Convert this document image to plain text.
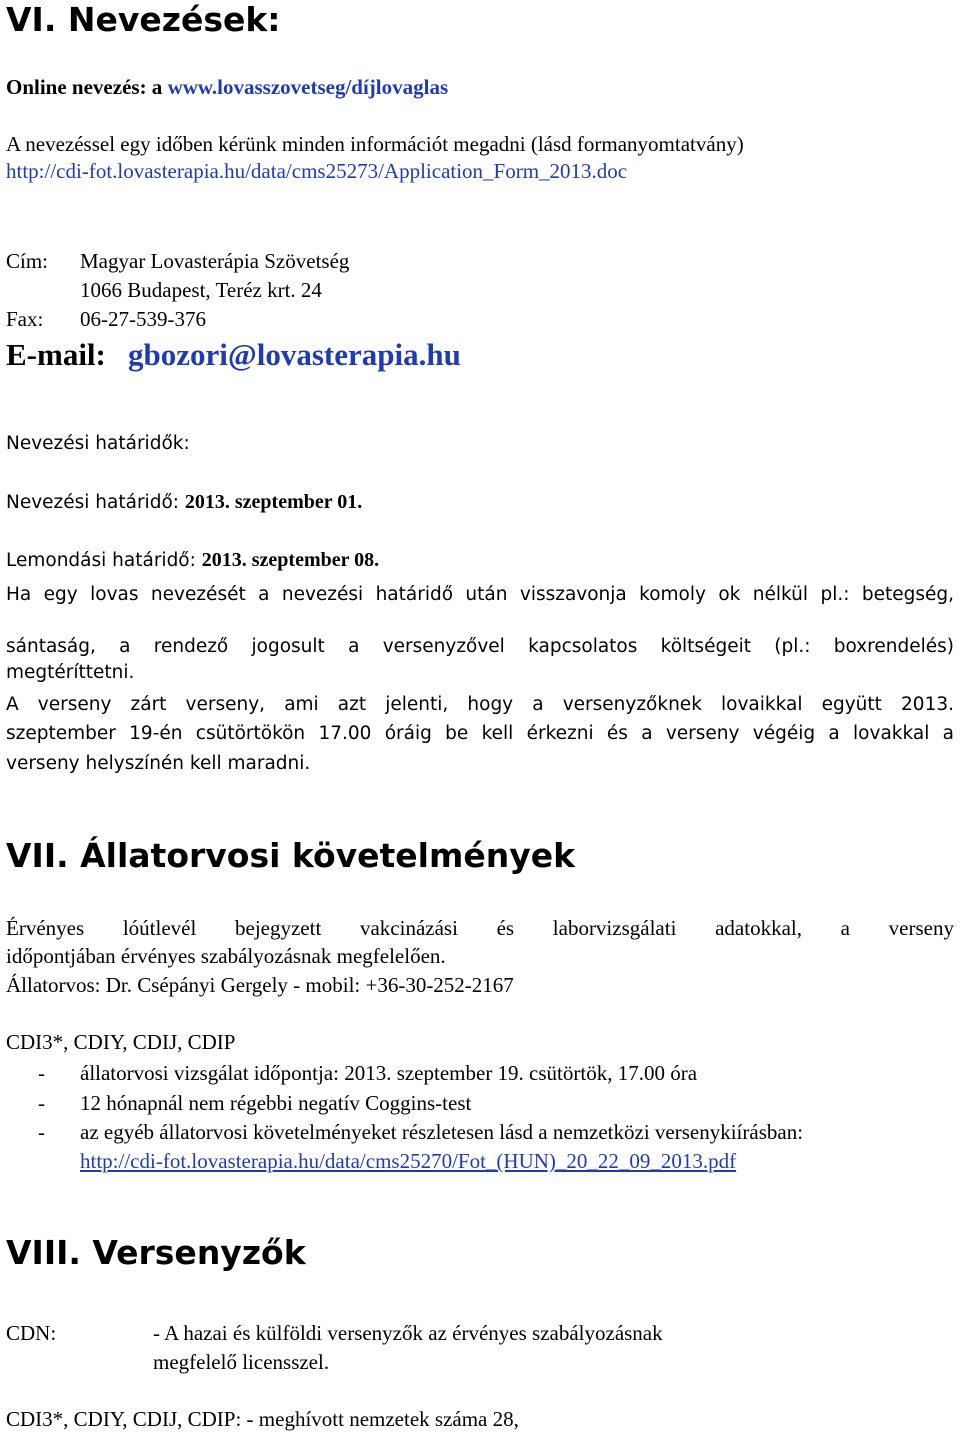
VI. Nevezések:
Online nevezés: a www.lovasszovetseg/díjlovaglas
A nevezéssel egy időben kérünk minden információt megadni (lásd formanyomtatvány)
http://cdi-fot.lovasterapia.hu/data/cms25273/Application_Form_2013.doc
Cím: Magyar Lovasterápia Szövetség
1066 Budapest, Teréz krt. 24
Fax: 06-27-539-376
E-mail: gbozori@lovasterapia.hu
Nevezési határidők:
Nevezési határidő: 2013. szeptember 01.
Lemondási határidő: 2013. szeptember 08.
Ha egy lovas nevezését a nevezési határidő után visszavonja komoly ok nélkül pl.: betegség,
sántaság, a rendező jogosult a versenyzővel kapcsolatos költségeit (pl.: boxrendelés)
megtéríttetni.
A verseny zárt verseny, ami azt jelenti, hogy a versenyzőknek lovaikkal együtt 2013.
szeptember 19-én csütörtökön 17.00 óráig be kell érkezni és a verseny végéig a lovakkal a
verseny helyszínén kell maradni.
VII. Állatorvosi követelmények
Érvényes lóútlevél bejegyzett vakcinázási és laborvizsgálati adatokkal, a verseny
időpontjában érvényes szabályozásnak megfelelően.
Állatorvos: Dr. Csépányi Gergely - mobil: +36-30-252-2167
CDI3*, CDIY, CDIJ, CDIP
- állatorvosi vizsgálat időpontja: 2013. szeptember 19. csütörtök, 17.00 óra
- 12 hónapnál nem régebbi negatív Coggins-test
- az egyéb állatorvosi követelményeket részletesen lásd a nemzetközi versenykiírásban:
http://cdi-fot.lovasterapia.hu/data/cms25270/Fot_(HUN)_20_22_09_2013.pdf
VIII. Versenyzők
CDN:	- A hazai és külföldi versenyzők az érvényes szabályozásnak
megfelelő licensszel.
CDI3*, CDIY, CDIJ, CDIP: - meghívott nemzetek száma 28,
